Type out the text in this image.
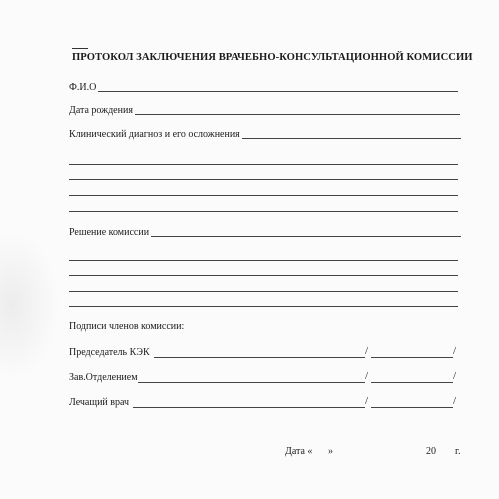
ПРОТОКОЛ ЗАКЛЮЧЕНИЯ ВРАЧЕБНО-КОНСУЛЬТАЦИОННОЙ КОМИССИИ
Ф.И.О
Дата рождения
Клинический диагноз и его осложнения
Решение комиссии
Подписи членов комиссии:
Председатель КЭК	/	/
Зав.Отделением	/	/
Лечащий врач	/	/
Дата « »	20 г.
